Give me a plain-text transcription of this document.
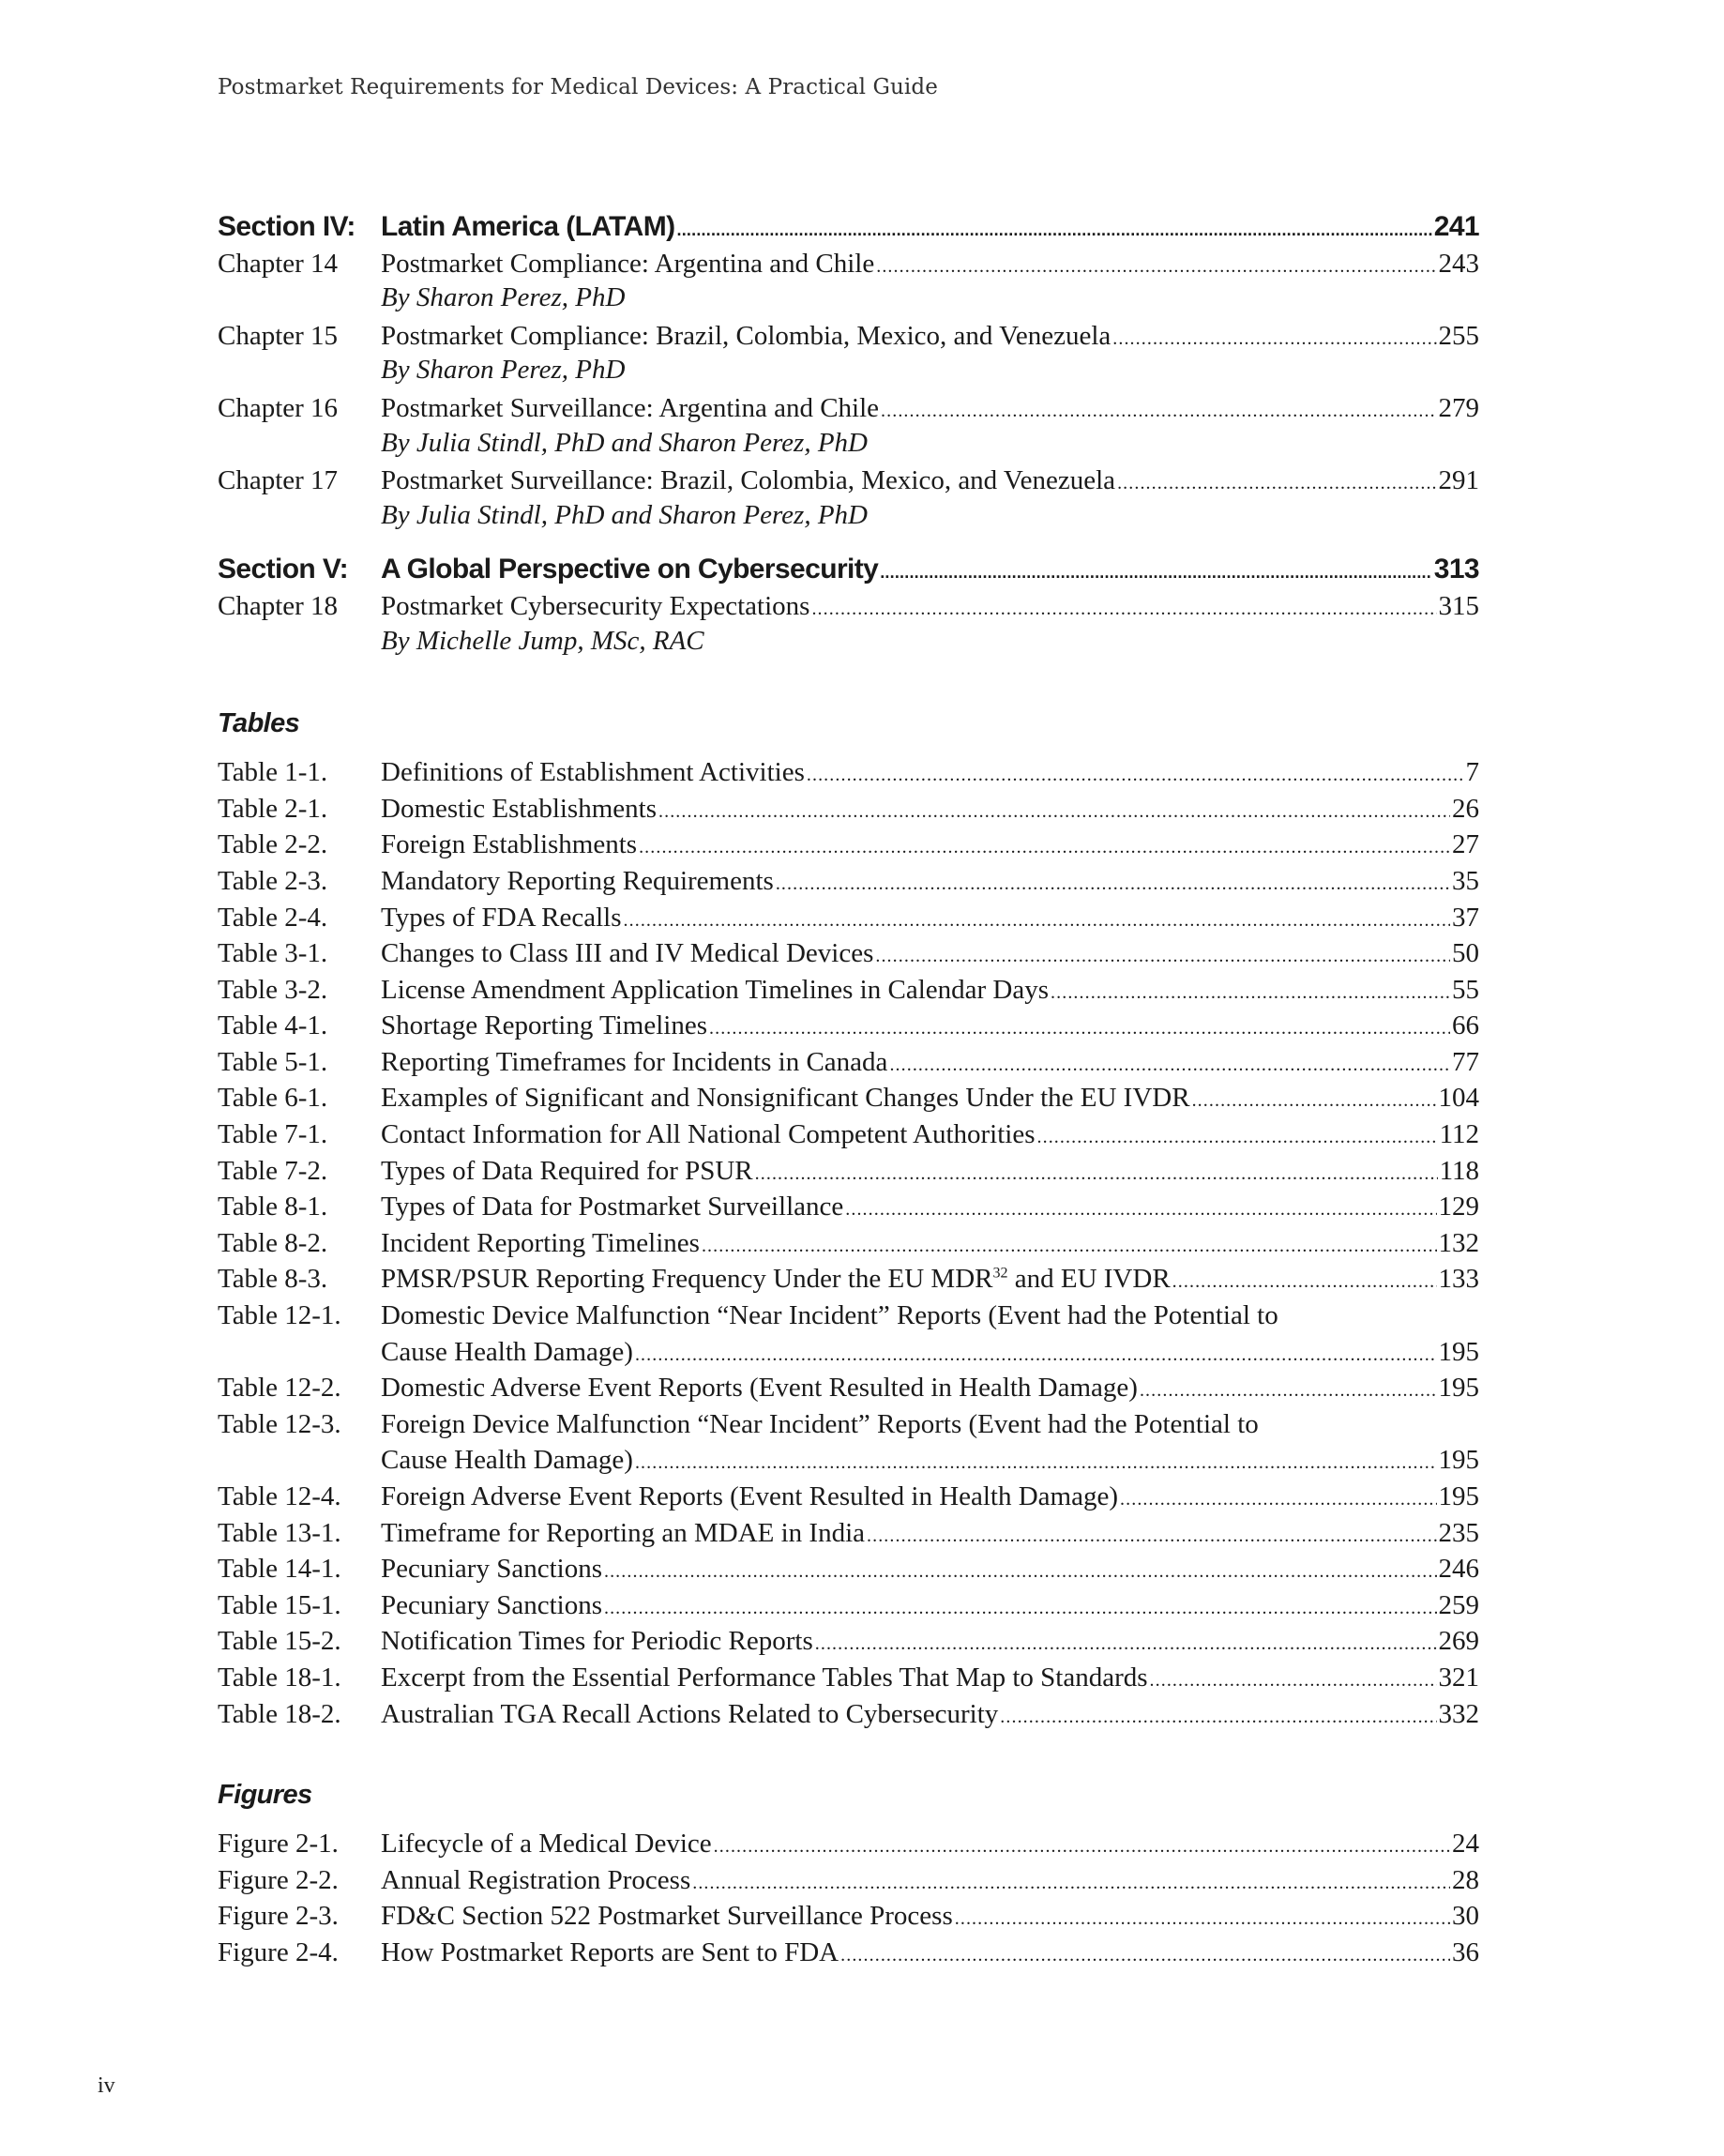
Postmarket Requirements for Medical Devices: A Practical Guide
Section IV: Latin America (LATAM) .....	241
Chapter 14	Postmarket Compliance: Argentina and Chile .....	243
By Sharon Perez, PhD
Chapter 15	Postmarket Compliance: Brazil, Colombia, Mexico, and Venezuela .....	255
By Sharon Perez, PhD
Chapter 16	Postmarket Surveillance: Argentina and Chile .....	279
By Julia Stindl, PhD and Sharon Perez, PhD
Chapter 17	Postmarket Surveillance: Brazil, Colombia, Mexico, and Venezuela .....	291
By Julia Stindl, PhD and Sharon Perez, PhD
Section V:	A Global Perspective on Cybersecurity .....	313
Chapter 18	Postmarket Cybersecurity Expectations .....	315
By Michelle Jump, MSc, RAC
Tables
Table 1-1.	Definitions of Establishment Activities .....	7
Table 2-1.	Domestic Establishments .....	26
Table 2-2.	Foreign Establishments .....	27
Table 2-3.	Mandatory Reporting Requirements .....	35
Table 2-4.	Types of FDA Recalls .....	37
Table 3-1.	Changes to Class III and IV Medical Devices .....	50
Table 3-2.	License Amendment Application Timelines in Calendar Days .....	55
Table 4-1.	Shortage Reporting Timelines .....	66
Table 5-1.	Reporting Timeframes for Incidents in Canada .....	77
Table 6-1.	Examples of Significant and Nonsignificant Changes Under the EU IVDR .....	104
Table 7-1.	Contact Information for All National Competent Authorities .....	112
Table 7-2.	Types of Data Required for PSUR .....	118
Table 8-1.	Types of Data for Postmarket Surveillance .....	129
Table 8-2.	Incident Reporting Timelines .....	132
Table 8-3.	PMSR/PSUR Reporting Frequency Under the EU MDR$^{32}$ and EU IVDR .....	133
Table 12-1.	Domestic Device Malfunction “Near Incident” Reports (Event had the Potential to
Cause Health Damage) .....	195
Table 12-2.	Domestic Adverse Event Reports (Event Resulted in Health Damage) .....	195
Table 12-3.	Foreign Device Malfunction “Near Incident” Reports (Event had the Potential to
Cause Health Damage) .....	195
Table 12-4.	Foreign Adverse Event Reports (Event Resulted in Health Damage) .....	195
Table 13-1.	Timeframe for Reporting an MDAE in India .....	235
Table 14-1.	Pecuniary Sanctions .....	246
Table 15-1.	Pecuniary Sanctions .....	259
Table 15-2.	Notification Times for Periodic Reports .....	269
Table 18-1.	Excerpt from the Essential Performance Tables That Map to Standards .....	321
Table 18-2.	Australian TGA Recall Actions Related to Cybersecurity .....	332
Figures
Figure 2-1.	Lifecycle of a Medical Device .....	24
Figure 2-2.	Annual Registration Process .....	28
Figure 2-3.	FD&C Section 522 Postmarket Surveillance Process .....	30
Figure 2-4.	How Postmarket Reports are Sent to FDA .....	36
iv
